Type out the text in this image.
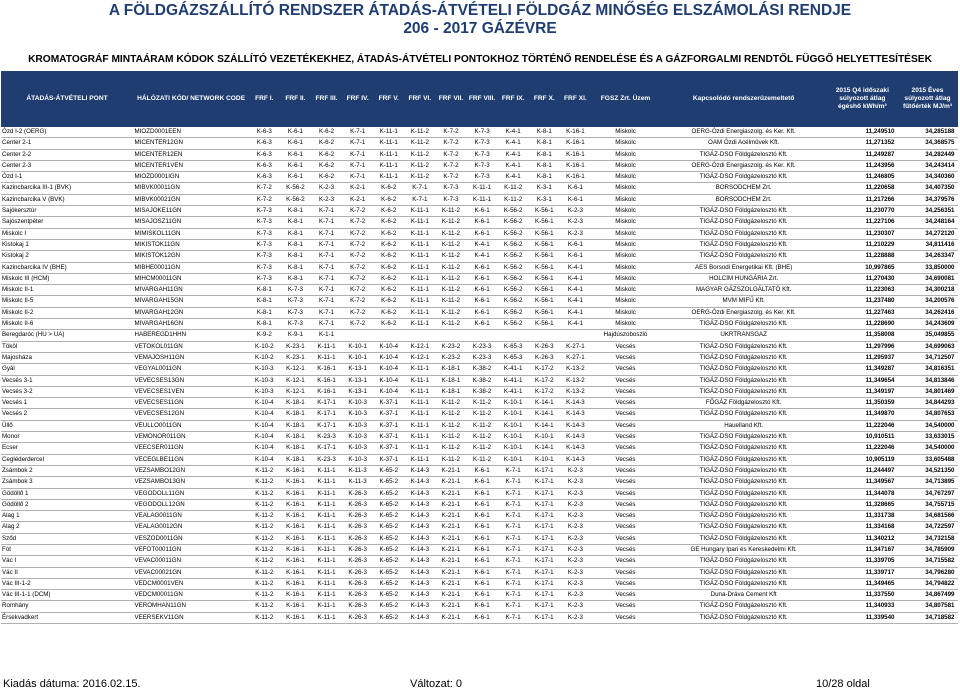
A FÖLDGÁZSZÁLLÍTÓ RENDSZER ÁTADÁS-ÁTVÉTELI FÖLDGÁZ MINŐSÉG ELSZÁMOLÁSI RENDJE
206 - 2017 GÁZÉVRE
KROMATOGRÁF MINTAÁRAM KÓDOK SZÁLLÍTÓ VEZETÉKEKHEZ, ÁTADÁS-ÁTVÉTELI PONTOKHOZ TÖRTÉNŐ RENDELÉSE ÉS A GÁZFORGALMI RENDTŐL FÜGGŐ HELYETTESÍTÉSEK
ÁTADÁS-ÁTVÉTELI PONT	HÁLÓZATI KÓD/ NETWORK CODE	FRF I.	FRF II.	FRF III.	FRF IV.	FRF V.	FRF VI.	FRF VII.	FRF VIII.	FRF IX.	FRF X.	FRF XI.	FGSZ Zrt. Üzem	Kapcsolódó rendszerüzemeltető	2015 Q4 időszaki súlyozott átlag égéshő kWh/m³	2015 Éves súlyozott átlag fűtőérték MJ/m³
Ózd I-2 (OERG)	MIOZD0001EEN	K-6-3	K-6-1	K-6-2	K-7-1	K-11-1	K-11-2	K-7-2	K-7-3	K-4-1	K-8-1	K-16-1	Miskolc	OERG-Ózdi Energiaszolg. és Ker. Kft.	11,249510	34,285188
Center 2-1	MICENTER12GN	K-6-3	K-6-1	K-6-2	K-7-1	K-11-1	K-11-2	K-7-2	K-7-3	K-4-1	K-8-1	K-16-1	Miskolc	OAM Ózdi Acélművek Kft.	11,271352	34,368575
Center 2-2	MICENTER12EN	K-6-3	K-6-1	K-6-2	K-7-1	K-11-1	K-11-2	K-7-2	K-7-3	K-4-1	K-8-1	K-16-1	Miskolc	TIGÁZ-DSO Földgázelosztó Kft.	11,249287	34,282449
Center 2-3	MICENTER1VEN	K-6-3	K-6-1	K-6-2	K-7-1	K-11-1	K-11-2	K-7-2	K-7-3	K-4-1	K-8-1	K-16-1	Miskolc	OERG-Ózdi Energiaszolg. és Ker. Kft.	11,243956	34,243414
Ózd I-1	MIOZD0001IGN	K-6-3	K-6-1	K-6-2	K-7-1	K-11-1	K-11-2	K-7-2	K-7-3	K-4-1	K-8-1	K-16-1	Miskolc	TIGÁZ-DSO Földgázelosztó Kft.	11,246805	34,340360
Kazincbarcika III-1 (BVK)	MIBVK00011GN	K-7-2	K-56-2	K-2-3	K-2-1	K-6-2	K-7-1	K-7-3	K-11-1	K-11-2	K-3-1	K-6-1	Miskolc	BORSODCHEM Zrt.	11,220658	34,407350
Kazincbarcika V (BVK)	MIBVK00021GN	K-7-2	K-56-2	K-2-3	K-2-1	K-6-2	K-7-1	K-7-3	K-11-1	K-11-2	K-3-1	K-6-1	Miskolc	BORSODCHEM Zrt.	11,217266	34,379576
Sajókersztúr	MISAJOKE11GN	K-7-3	K-8-1	K-7-1	K-7-2	K-6-2	K-11-1	K-11-2	K-6-1	K-56-2	K-56-1	K-2-3	Miskolc	TIGÁZ-DSO Földgázelosztó Kft.	11,230770	34,256351
Sajószentpéter	MISAJOSZ11GN	K-7-3	K-8-1	K-7-1	K-7-2	K-6-2	K-11-1	K-11-2	K-6-1	K-56-2	K-56-1	K-2-3	Miskolc	TIGÁZ-DSO Földgázelosztó Kft.	11,227106	34,248164
Miskolc I	MIMISKOL11GN	K-7-3	K-8-1	K-7-1	K-7-2	K-6-2	K-11-1	K-11-2	K-6-1	K-56-2	K-56-1	K-2-3	Miskolc	TIGÁZ-DSO Földgázelosztó Kft.	11,230307	34,272120
Kistokaj 1	MIKISTOK11GN	K-7-3	K-8-1	K-7-1	K-7-2	K-6-2	K-11-1	K-11-2	K-4-1	K-56-2	K-56-1	K-6-1	Miskolc	TIGÁZ-DSO Földgázelosztó Kft.	11,210229	34,811416
Kistokaj 2	MIKISTOK12GN	K-7-3	K-8-1	K-7-1	K-7-2	K-6-2	K-11-1	K-11-2	K-4-1	K-56-2	K-56-1	K-6-1	Miskolc	TIGÁZ-DSO Földgázelosztó Kft.	11,228888	34,263347
Kazincbarcika IV (BHE)	MIBHE00011GN	K-7-3	K-8-1	K-7-1	K-7-2	K-6-2	K-11-1	K-11-2	K-6-1	K-56-2	K-56-1	K-4-1	Miskolc	AES Borsodi Energetikai Kft. (BHE)	10,997865	33,850000
Miskolc III (HCM)	MIHCM00011GN	K-7-3	K-8-1	K-7-1	K-7-2	K-6-2	K-11-1	K-11-2	K-6-1	K-56-2	K-56-1	K-4-1	Miskolc	HOLCIM HUNGÁRIA Zrt.	11,270430	34,690081
Miskolc II-1	MIVARGAH11GN	K-8-1	K-7-3	K-7-1	K-7-2	K-6-2	K-11-1	K-11-2	K-6-1	K-56-2	K-56-1	K-4-1	Miskolc	MAGYAR GÁZSZOLGÁLTATÓ Kft.	11,223063	34,300218
Miskolc II-5	MIVARGAH15GN	K-8-1	K-7-3	K-7-1	K-7-2	K-6-2	K-11-1	K-11-2	K-6-1	K-56-2	K-56-1	K-4-1	Miskolc	MVM MIFŰ Kft.	11,237480	34,200576
Miskolc II-2	MIVARGAH12GN	K-8-1	K-7-3	K-7-1	K-7-2	K-6-2	K-11-1	K-11-2	K-6-1	K-56-2	K-56-1	K-4-1	Miskolc	OERG-Ózdi Energiaszolg. és Ker. Kft.	11,227463	34,262416
Miskolc II-6	MIVARGAH16GN	K-8-1	K-7-3	K-7-1	K-7-2	K-6-2	K-11-1	K-11-2	K-6-1	K-56-2	K-56-1	K-4-1	Miskolc	TIGÁZ-DSO Földgázelosztó Kft.	11,228690	34,243609
Beregdaróc (HU > UA)	HABEREGD1HHN	K-9-2	K-9-1	K-1-1									Hajdúszoboszló	UKRTRANSGAZ	11,358008	35,049855
Tököl	VETOKOL011GN	K-10-2	K-23-1	K-11-1	K-10-1	K-10-4	K-12-1	K-23-2	K-23-3	K-65-3	K-26-3	K-27-1	Vecsés	TIGÁZ-DSO Földgázelosztó Kft.	11,297996	34,699063
Majosháza	VEMAJOSH11GN	K-10-2	K-23-1	K-11-1	K-10-1	K-10-4	K-12-1	K-23-2	K-23-3	K-65-3	K-26-3	K-27-1	Vecsés	TIGÁZ-DSO Földgázelosztó Kft.	11,295937	34,712507
Gyál	VEGYAL0011GN	K-10-3	K-12-1	K-16-1	K-13-1	K-10-4	K-11-1	K-18-1	K-38-2	K-41-1	K-17-2	K-13-2	Vecsés	TIGÁZ-DSO Földgázelosztó Kft.	11,349287	34,816351
Vecsés 3-1	VEVECSES13GN	K-10-3	K-12-1	K-16-1	K-13-1	K-10-4	K-11-1	K-18-1	K-38-2	K-41-1	K-17-2	K-13-2	Vecsés	TIGÁZ-DSO Földgázelosztó Kft.	11,349654	34,813846
Vecsés 3-2	VEVECSES1VEN	K-10-3	K-12-1	K-16-1	K-13-1	K-10-4	K-11-1	K-18-1	K-38-2	K-41-1	K-17-2	K-13-2	Vecsés	TIGÁZ-DSO Földgázelosztó Kft.	11,349197	34,801469
Vecsés 1	VEVECSES11GN	K-10-4	K-18-1	K-17-1	K-10-3	K-37-1	K-11-1	K-11-2	K-11-2	K-10-1	K-14-1	K-14-3	Vecsés	FŐGÁZ Földgázelosztó Kft.	11,350359	34,844293
Vecsés 2	VEVECSES12GN	K-10-4	K-18-1	K-17-1	K-10-3	K-37-1	K-11-1	K-11-2	K-11-2	K-10-1	K-14-1	K-14-3	Vecsés	TIGÁZ-DSO Földgázelosztó Kft.	11,349870	34,807653
Üllő	VEULLO0011GN	K-10-4	K-18-1	K-17-1	K-10-3	K-37-1	K-11-1	K-11-2	K-11-2	K-10-1	K-14-1	K-14-3	Vecsés	Hauelland Kft.	11,222046	34,540000
Monor	VEMONOR011GN	K-10-4	K-18-1	K-23-3	K-10-3	K-37-1	K-11-1	K-11-2	K-11-2	K-10-1	K-10-1	K-14-3	Vecsés	TIGÁZ-DSO Földgázelosztó Kft.	10,910511	33,633015
Ecser	VEECSER011GN	K-10-4	K-18-1	K-17-1	K-10-3	K-37-1	K-11-1	K-11-2	K-11-2	K-10-1	K-14-1	K-14-3	Vecsés	TIGÁZ-DSO Földgázelosztó Kft.	11,222046	34,540000
Cegléderdercel	VECEGLBE11GN	K-10-4	K-18-1	K-23-3	K-10-3	K-37-1	K-11-1	K-11-2	K-11-2	K-10-1	K-10-1	K-14-3	Vecsés	TIGÁZ-DSO Földgázelosztó Kft.	10,905119	33,605488
Zsámbok 2	VEZSAMBO12GN	K-11-2	K-16-1	K-11-1	K-11-3	K-65-2	K-14-3	K-21-1	K-6-1	K-7-1	K-17-1	K-2-3	Vecsés	TIGÁZ-DSO Földgázelosztó Kft.	11,244497	34,521350
Zsámbok 3	VEZSAMBO13GN	K-11-2	K-16-1	K-11-1	K-11-3	K-65-2	K-14-3	K-21-1	K-6-1	K-7-1	K-17-1	K-2-3	Vecsés	TIGÁZ-DSO Földgázelosztó Kft.	11,349567	34,713895
Gödöllő 1	VEGODOLL11GN	K-11-2	K-16-1	K-11-1	K-26-3	K-65-2	K-14-3	K-21-1	K-6-1	K-7-1	K-17-1	K-2-3	Vecsés	TIGÁZ-DSO Földgázelosztó Kft.	11,344078	34,767297
Gödöllő 2	VEGODOLL12GN	K-11-2	K-16-1	K-11-1	K-26-3	K-65-2	K-14-3	K-21-1	K-6-1	K-7-1	K-17-1	K-2-3	Vecsés	TIGÁZ-DSO Földgázelosztó Kft.	11,328665	34,755715
Alag 1	VEALAG0011GN	K-11-2	K-16-1	K-11-1	K-26-3	K-65-2	K-14-3	K-21-1	K-6-1	K-7-1	K-17-1	K-2-3	Vecsés	TIGÁZ-DSO Földgázelosztó Kft.	11,331738	34,681566
Alag 2	VEALAG0012GN	K-11-2	K-16-1	K-11-1	K-26-3	K-65-2	K-14-3	K-21-1	K-6-1	K-7-1	K-17-1	K-2-3	Vecsés	TIGÁZ-DSO Földgázelosztó Kft.	11,334168	34,722597
Sződ	VESZOD0011GN	K-11-2	K-16-1	K-11-1	K-26-3	K-65-2	K-14-3	K-21-1	K-6-1	K-7-1	K-17-1	K-2-3	Vecsés	TIGÁZ-DSO Földgázelosztó Kft.	11,340212	34,732158
Fót	VEFOT00011GN	K-11-2	K-16-1	K-11-1	K-26-3	K-65-2	K-14-3	K-21-1	K-6-1	K-7-1	K-17-1	K-2-3	Vecsés	GE Hungary Ipari és Kereskedelmi Kft.	11,347167	34,785909
Vác I	VEVAC00011GN	K-11-2	K-16-1	K-11-1	K-26-3	K-65-2	K-14-3	K-21-1	K-6-1	K-7-1	K-17-1	K-2-3	Vecsés	TIGÁZ-DSO Földgázelosztó Kft.	11,339705	34,715582
Vác II	VEVAC00021GN	K-11-2	K-16-1	K-11-1	K-26-3	K-65-2	K-14-3	K-21-1	K-6-1	K-7-1	K-17-1	K-2-3	Vecsés	TIGÁZ-DSO Földgázelosztó Kft.	11,339717	34,796280
Vác III-1-2	VEDCM0001VEN	K-11-2	K-16-1	K-11-1	K-26-3	K-65-2	K-14-3	K-21-1	K-6-1	K-7-1	K-17-1	K-2-3	Vecsés	TIGÁZ-DSO Földgázelosztó Kft.	11,349465	34,794822
Vác III-1-1 (DCM)	VEDCM00011GN	K-11-2	K-16-1	K-11-1	K-26-3	K-65-2	K-14-3	K-21-1	K-6-1	K-7-1	K-17-1	K-2-3	Vecsés	Duna-Dráva Cement Kft	11,337550	34,867499
Romhány	VEROMHAN11GN	K-11-2	K-16-1	K-11-1	K-26-3	K-65-2	K-14-3	K-21-1	K-6-1	K-7-1	K-17-1	K-2-3	Vecsés	TIGÁZ-DSO Földgázelosztó Kft.	11,340933	34,807581
Érsekvadkert	VEERSEKV11GN	K-11-2	K-16-1	K-11-1	K-26-3	K-65-2	K-14-3	K-21-1	K-6-1	K-7-1	K-17-1	K-2-3	Vecsés	TIGÁZ-DSO Földgázelosztó Kft.	11,339540	34,718582
Kiadás dátuma: 2016.02.15.	Változat: 0	10/28 oldal
